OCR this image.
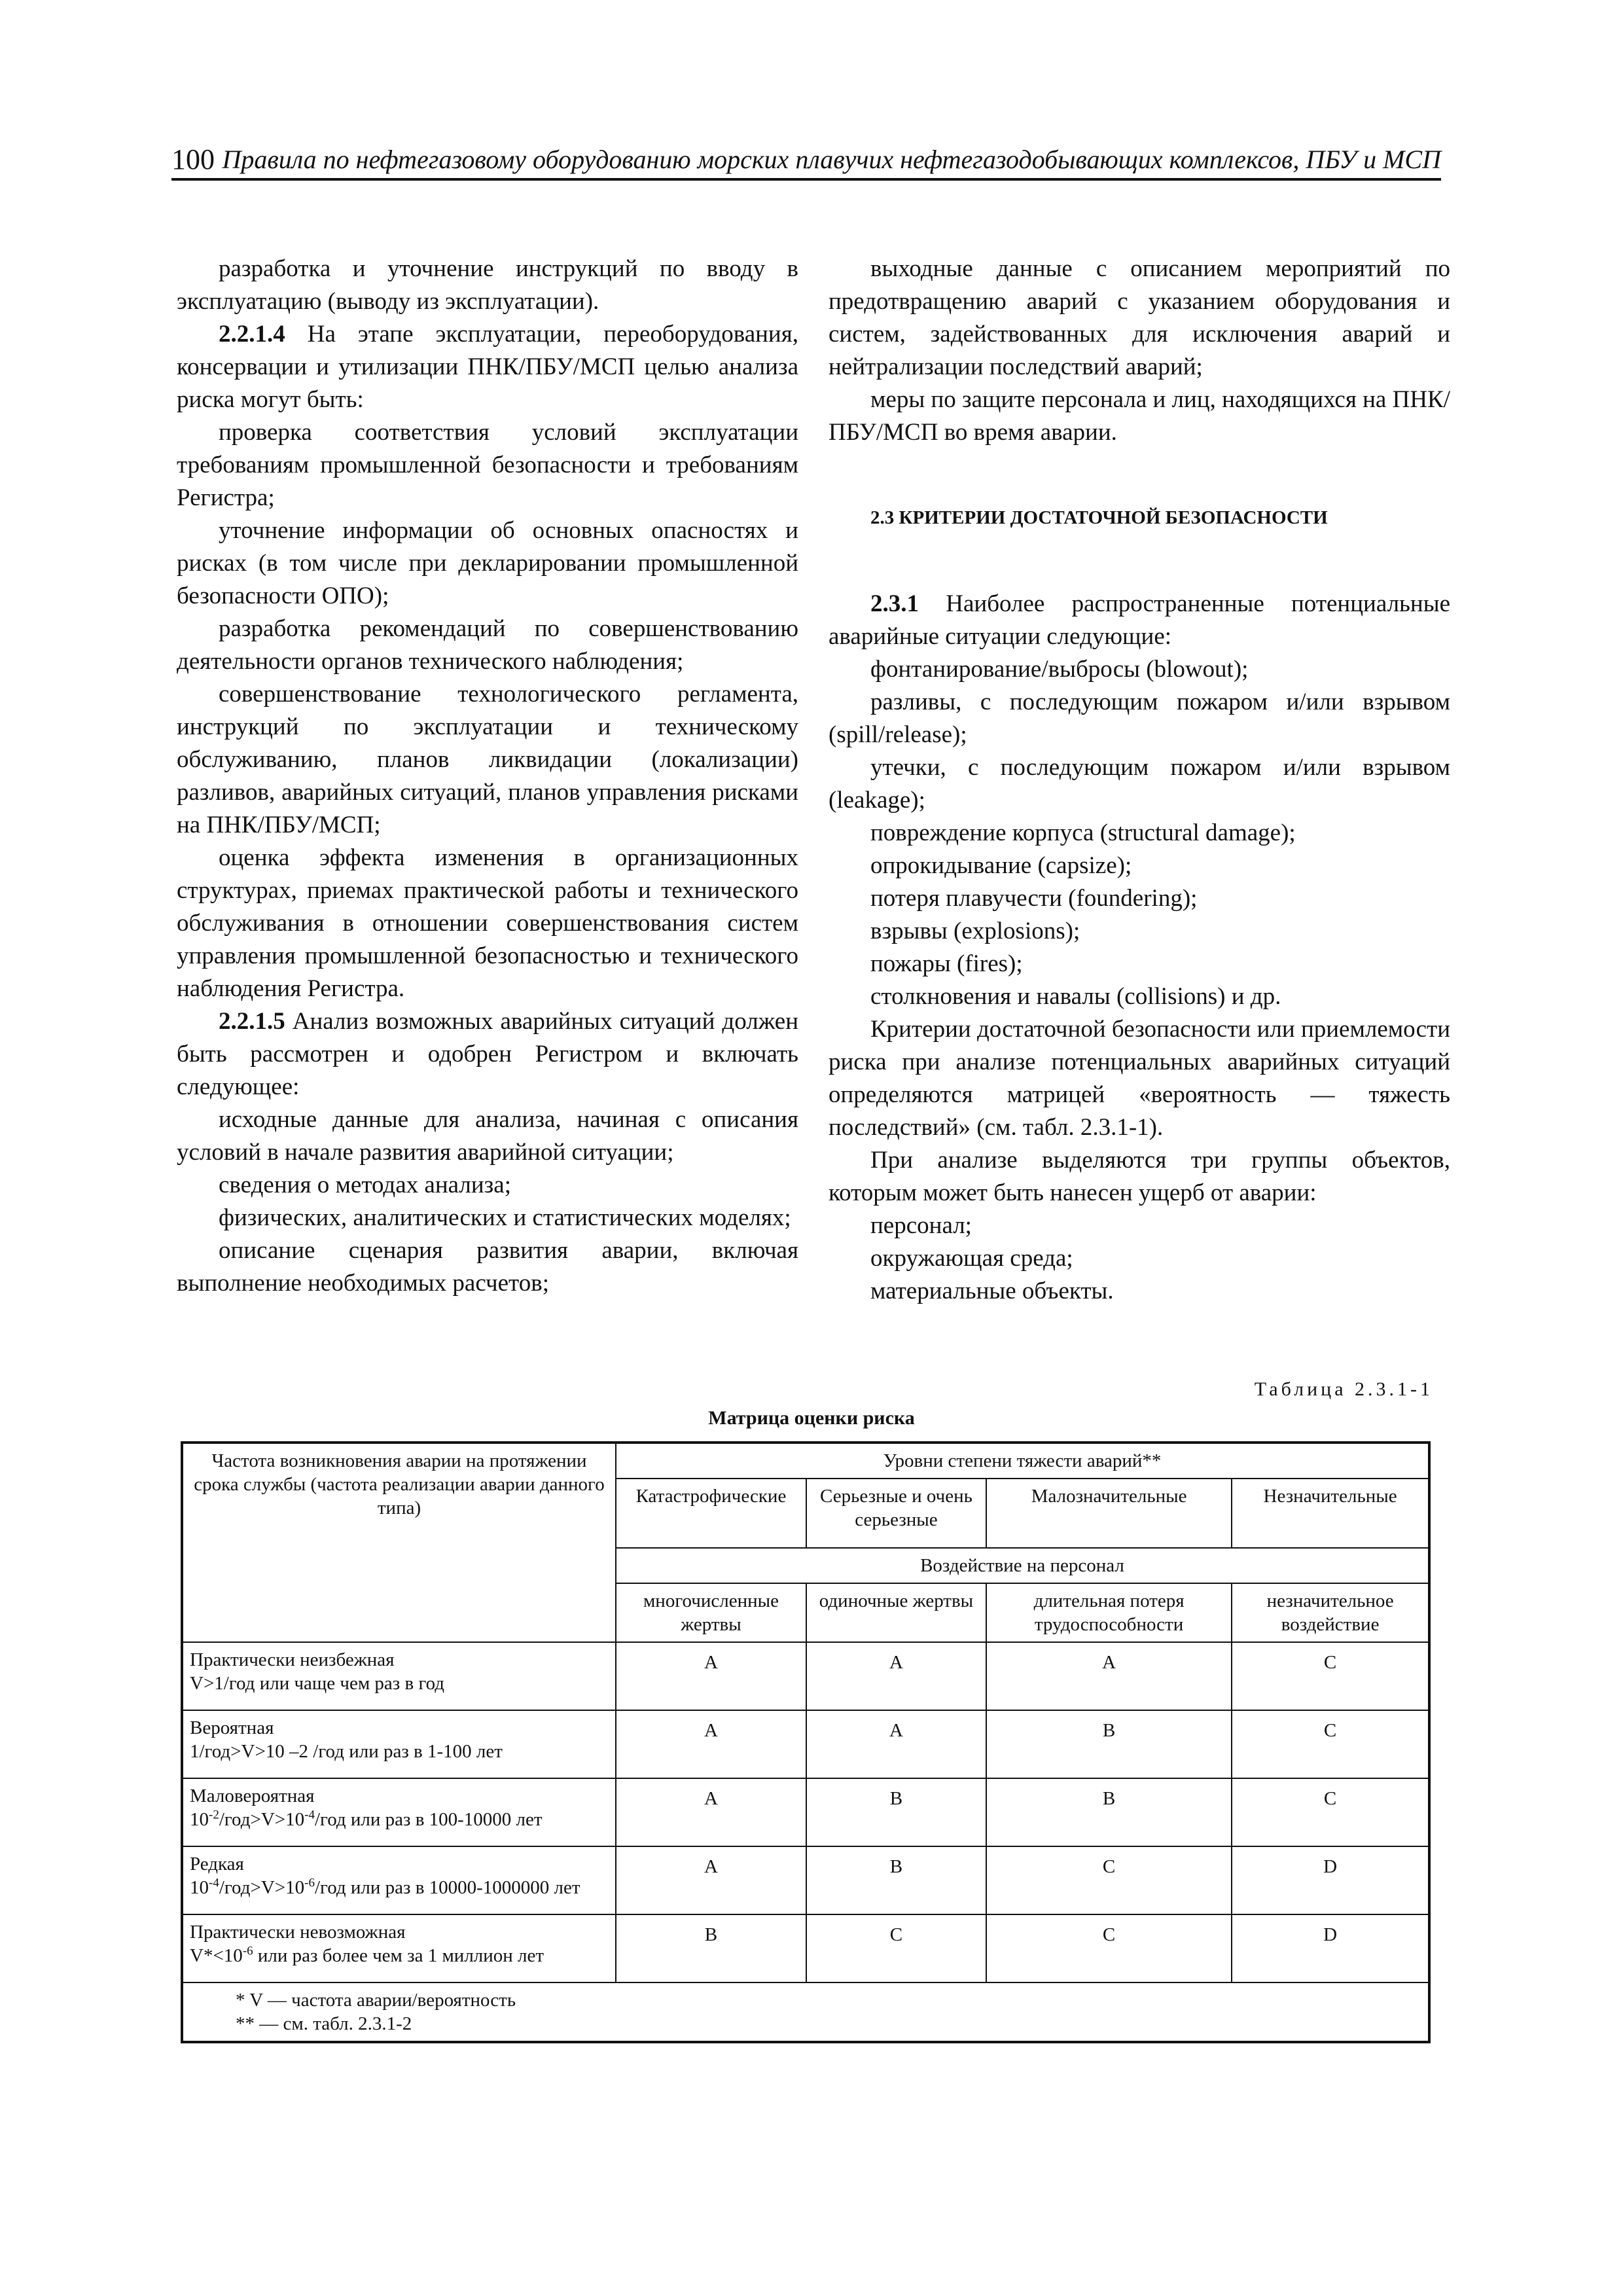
100 Правила по нефтегазовому оборудованию морских плавучих нефтегазодобывающих комплексов, ПБУ и МСП

разработка и уточнение инструкций по вводу в эксплуатацию (выводу из эксплуатации).

2.2.1.4 На этапе эксплуатации, переоборудования, консервации и утилизации ПНК/ПБУ/МСП целью анализа риска могут быть:

проверка соответствия условий эксплуатации требованиям промышленной безопасности и требованиям Регистра;

уточнение информации об основных опасностях и рисках (в том числе при декларировании промышленной безопасности ОПО);

разработка рекомендаций по совершенствованию деятельности органов технического наблюдения;

совершенствование технологического регламента, инструкций по эксплуатации и техническому обслуживанию, планов ликвидации (локализации) разливов, аварийных ситуаций, планов управления рисками на ПНК/ПБУ/МСП;

оценка эффекта изменения в организационных структурах, приемах практической работы и технического обслуживания в отношении совершенствования систем управления промышленной безопасностью и технического наблюдения Регистра.

2.2.1.5 Анализ возможных аварийных ситуаций должен быть рассмотрен и одобрен Регистром и включать следующее:

исходные данные для анализа, начиная с описания условий в начале развития аварийной ситуации;

сведения о методах анализа;

физических, аналитических и статистических моделях;

описание сценария развития аварии, включая выполнение необходимых расчетов;

выходные данные с описанием мероприятий по предотвращению аварий с указанием оборудования и систем, задействованных для исключения аварий и нейтрализации последствий аварий;

меры по защите персонала и лиц, находящихся на ПНК/ПБУ/МСП во время аварии.

2.3 КРИТЕРИИ ДОСТАТОЧНОЙ БЕЗОПАСНОСТИ

2.3.1 Наиболее распространенные потенциальные аварийные ситуации следующие:

фонтанирование/выбросы (blowout);

разливы, с последующим пожаром и/или взрывом (spill/release);

утечки, с последующим пожаром и/или взрывом (leakage);

повреждение корпуса (structural damage);

опрокидывание (capsize);

потеря плавучести (foundering);

взрывы (explosions);

пожары (fires);

столкновения и навалы (collisions) и др.

Критерии достаточной безопасности или приемлемости риска при анализе потенциальных аварийных ситуаций определяются матрицей «вероятность — тяжесть последствий» (см. табл. 2.3.1-1).

При анализе выделяются три группы объектов, которым может быть нанесен ущерб от аварии:

персонал;

окружающая среда;

материальные объекты.

Таблица 2.3.1-1
Матрица оценки риска
Частота возникновения аварии на протяжении срока службы (частота реализации аварии данного типа)	Уровни степени тяжести аварий**			
	Катастрофические	Серьезные и очень серьезные	Малозначительные	Незначительные
	Воздействие на персонал			
	многочисленные жертвы	одиночные жертвы	длительная потеря трудоспособности	незначительное воздействие
Практически неизбежная
V>1/год или чаще чем раз в год	A	A	A	C
Вероятная
1/год>V>10 –2 /год или раз в 1-100 лет	A	A	B	C
Маловероятная
$10^{-2}/год>V>10^{-4}$/год или раз в 100-10000 лет	A	B	B	C
Редкая
$10^{-4}/год>V>10^{-6}$/год или раз в 10000-1000000 лет	A	B	C	D
Практически невозможная
$V*<10^{-6}$ или раз более чем за 1 миллион лет	B	C	C	D
* V — частота аварии/вероятность
** — см. табл. 2.3.1-2				
